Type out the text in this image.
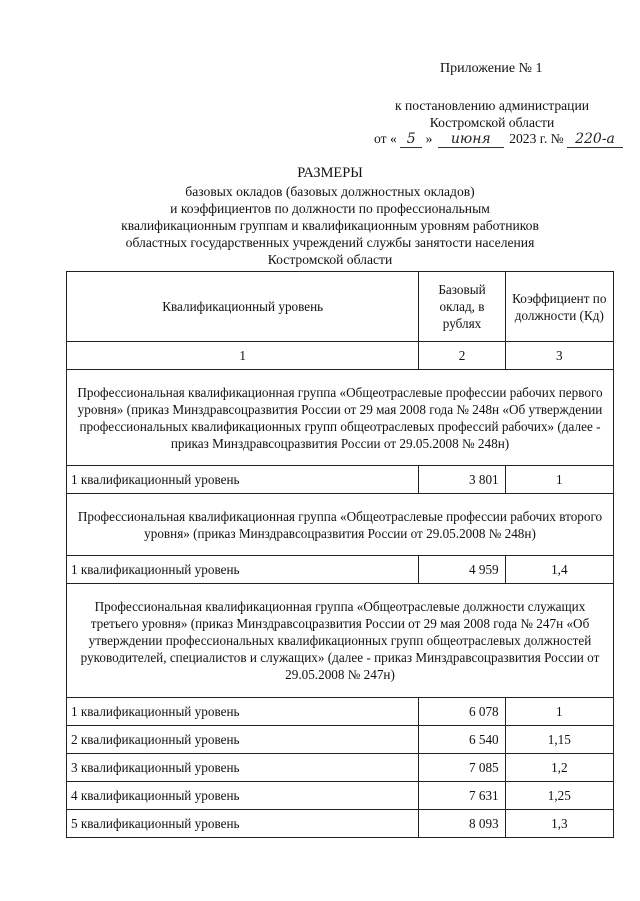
Приложение № 1
к постановлению администрации
Костромской области
от « 5 » июня 2023 г. № 220-а
РАЗМЕРЫ
базовых окладов (базовых должностных окладов)
и коэффициентов по должности по профессиональным
квалификационным группам и квалификационным уровням работников
областных государственных учреждений службы занятости населения
Костромской области
Квалификационный уровень	Базовый оклад, в рублях	Коэффициент по должности (Кд)
1	2	3
Профессиональная квалификационная группа «Общеотраслевые профессии рабочих первого уровня» (приказ Минздравсоцразвития России от 29 мая 2008 года № 248н «Об утверждении профессиональных квалификационных групп общеотраслевых профессий рабочих» (далее - приказ Минздравсоцразвития России от 29.05.2008 № 248н)		
1 квалификационный уровень	3 801	1
Профессиональная квалификационная группа «Общеотраслевые профессии рабочих второго уровня» (приказ Минздравсоцразвития России от 29.05.2008 № 248н)		
1 квалификационный уровень	4 959	1,4
Профессиональная квалификационная группа «Общеотраслевые должности служащих третьего уровня» (приказ Минздравсоцразвития России от 29 мая 2008 года № 247н «Об утверждении профессиональных квалификационных групп общеотраслевых должностей руководителей, специалистов и служащих» (далее - приказ Минздравсоцразвития России от 29.05.2008 № 247н)		
1 квалификационный уровень	6 078	1
2 квалификационный уровень	6 540	1,15
3 квалификационный уровень	7 085	1,2
4 квалификационный уровень	7 631	1,25
5 квалификационный уровень	8 093	1,3
